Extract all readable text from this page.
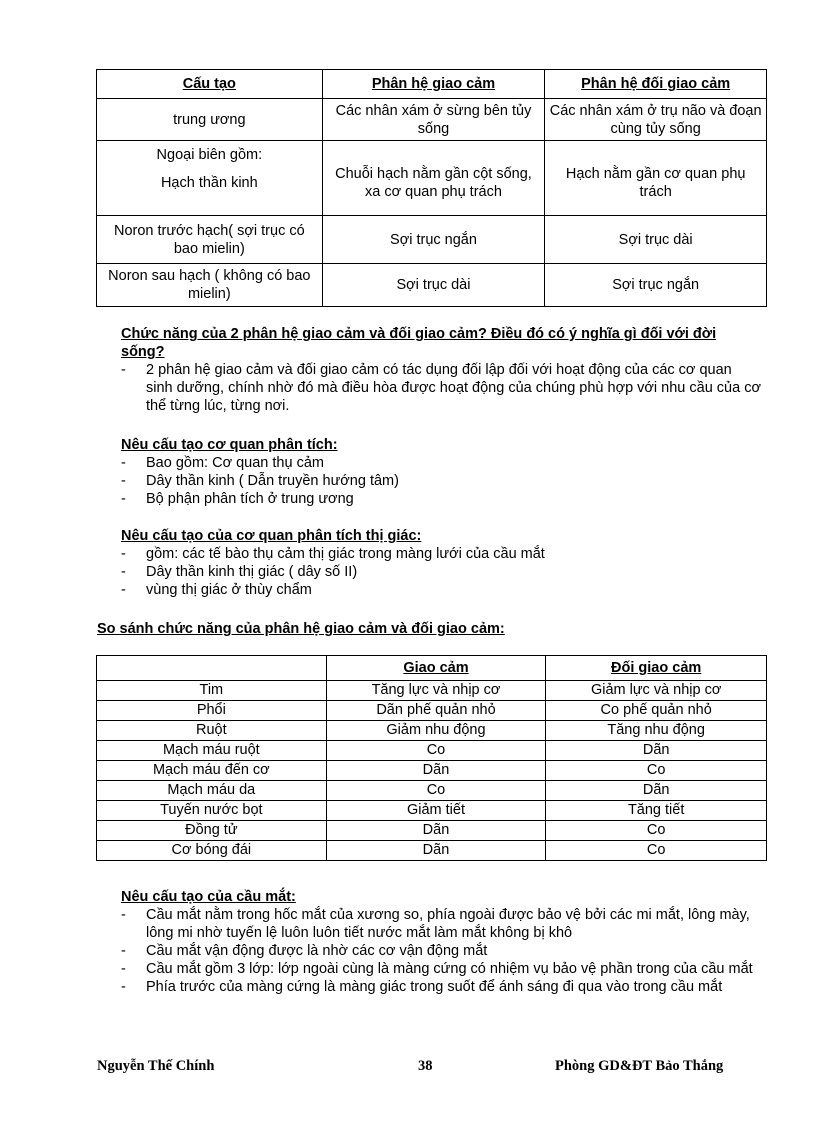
Cấu tạo	Phân hệ giao cảm	Phân hệ đối giao cảm
trung ương	Các nhân xám ở sừng bên tủy sống	Các nhân xám ở trụ não và đoạn cùng tủy sống

Ngoại biên gồm:
Hạch thần kinh	Chuỗi hạch nằm gần cột sống, xa cơ quan phụ trách	Hạch nằm gần cơ quan phụ trách
Noron trước hạch( sợi trục có bao mielin)	Sợi trục ngắn	Sợi trục dài
Noron sau hạch ( không có bao mielin)	Sợi trục dài	Sợi trục ngắn
Chức năng của 2 phân hệ giao cảm và đối giao cảm? Điều đó có ý nghĩa gì đối với đời sống?
- 2 phân hệ giao cảm và đối giao cảm có tác dụng đối lập đối với hoạt động của các cơ quan sinh dưỡng, chính nhờ đó mà điều hòa được hoạt động của chúng phù hợp với nhu cầu của cơ thể từng lúc, từng nơi.
Nêu cấu tạo cơ quan phân tích:
- Bao gồm: Cơ quan thụ cảm
- Dây thần kinh ( Dẫn truyền hướng tâm)
- Bộ phận phân tích ở trung ương
Nêu cấu tạo của cơ quan phân tích thị giác:
- gồm: các tế bào thụ cảm thị giác trong màng lưới của cầu mắt
- Dây thần kinh thị giác ( dây số II)
- vùng thị giác ở thùy chẩm
So sánh chức năng của phân hệ giao cảm và đối giao cảm:
	Giao cảm	Đối giao cảm
Tim	Tăng lực và nhịp cơ	Giảm lực và nhịp cơ
Phổi	Dãn phế quản nhỏ	Co phế quản nhỏ
Ruột	Giảm nhu động	Tăng nhu động
Mạch máu ruột	Co	Dãn
Mạch máu đến cơ	Dãn	Co
Mạch máu da	Co	Dãn
Tuyến nước bọt	Giảm tiết	Tăng tiết
Đồng tử	Dãn	Co
Cơ bóng đái	Dãn	Co
Nêu cấu tạo của cầu mắt:
- Cầu mắt nằm trong hốc mắt của xương so, phía ngoài được bảo vệ bởi các mi mắt, lông mày, lông mi nhờ tuyến lệ luôn luôn tiết nước mắt làm mắt không bị khô
- Cầu mắt vận động được là nhờ các cơ vận động mắt
- Cầu mắt gồm 3 lớp: lớp ngoài cùng là màng cứng có nhiệm vụ bảo vệ phần trong của cầu mắt
- Phía trước của màng cứng là màng giác trong suốt để ánh sáng đi qua vào trong cầu mắt
Nguyễn Thế Chính	38	Phòng GD&ĐT Bảo Thắng
